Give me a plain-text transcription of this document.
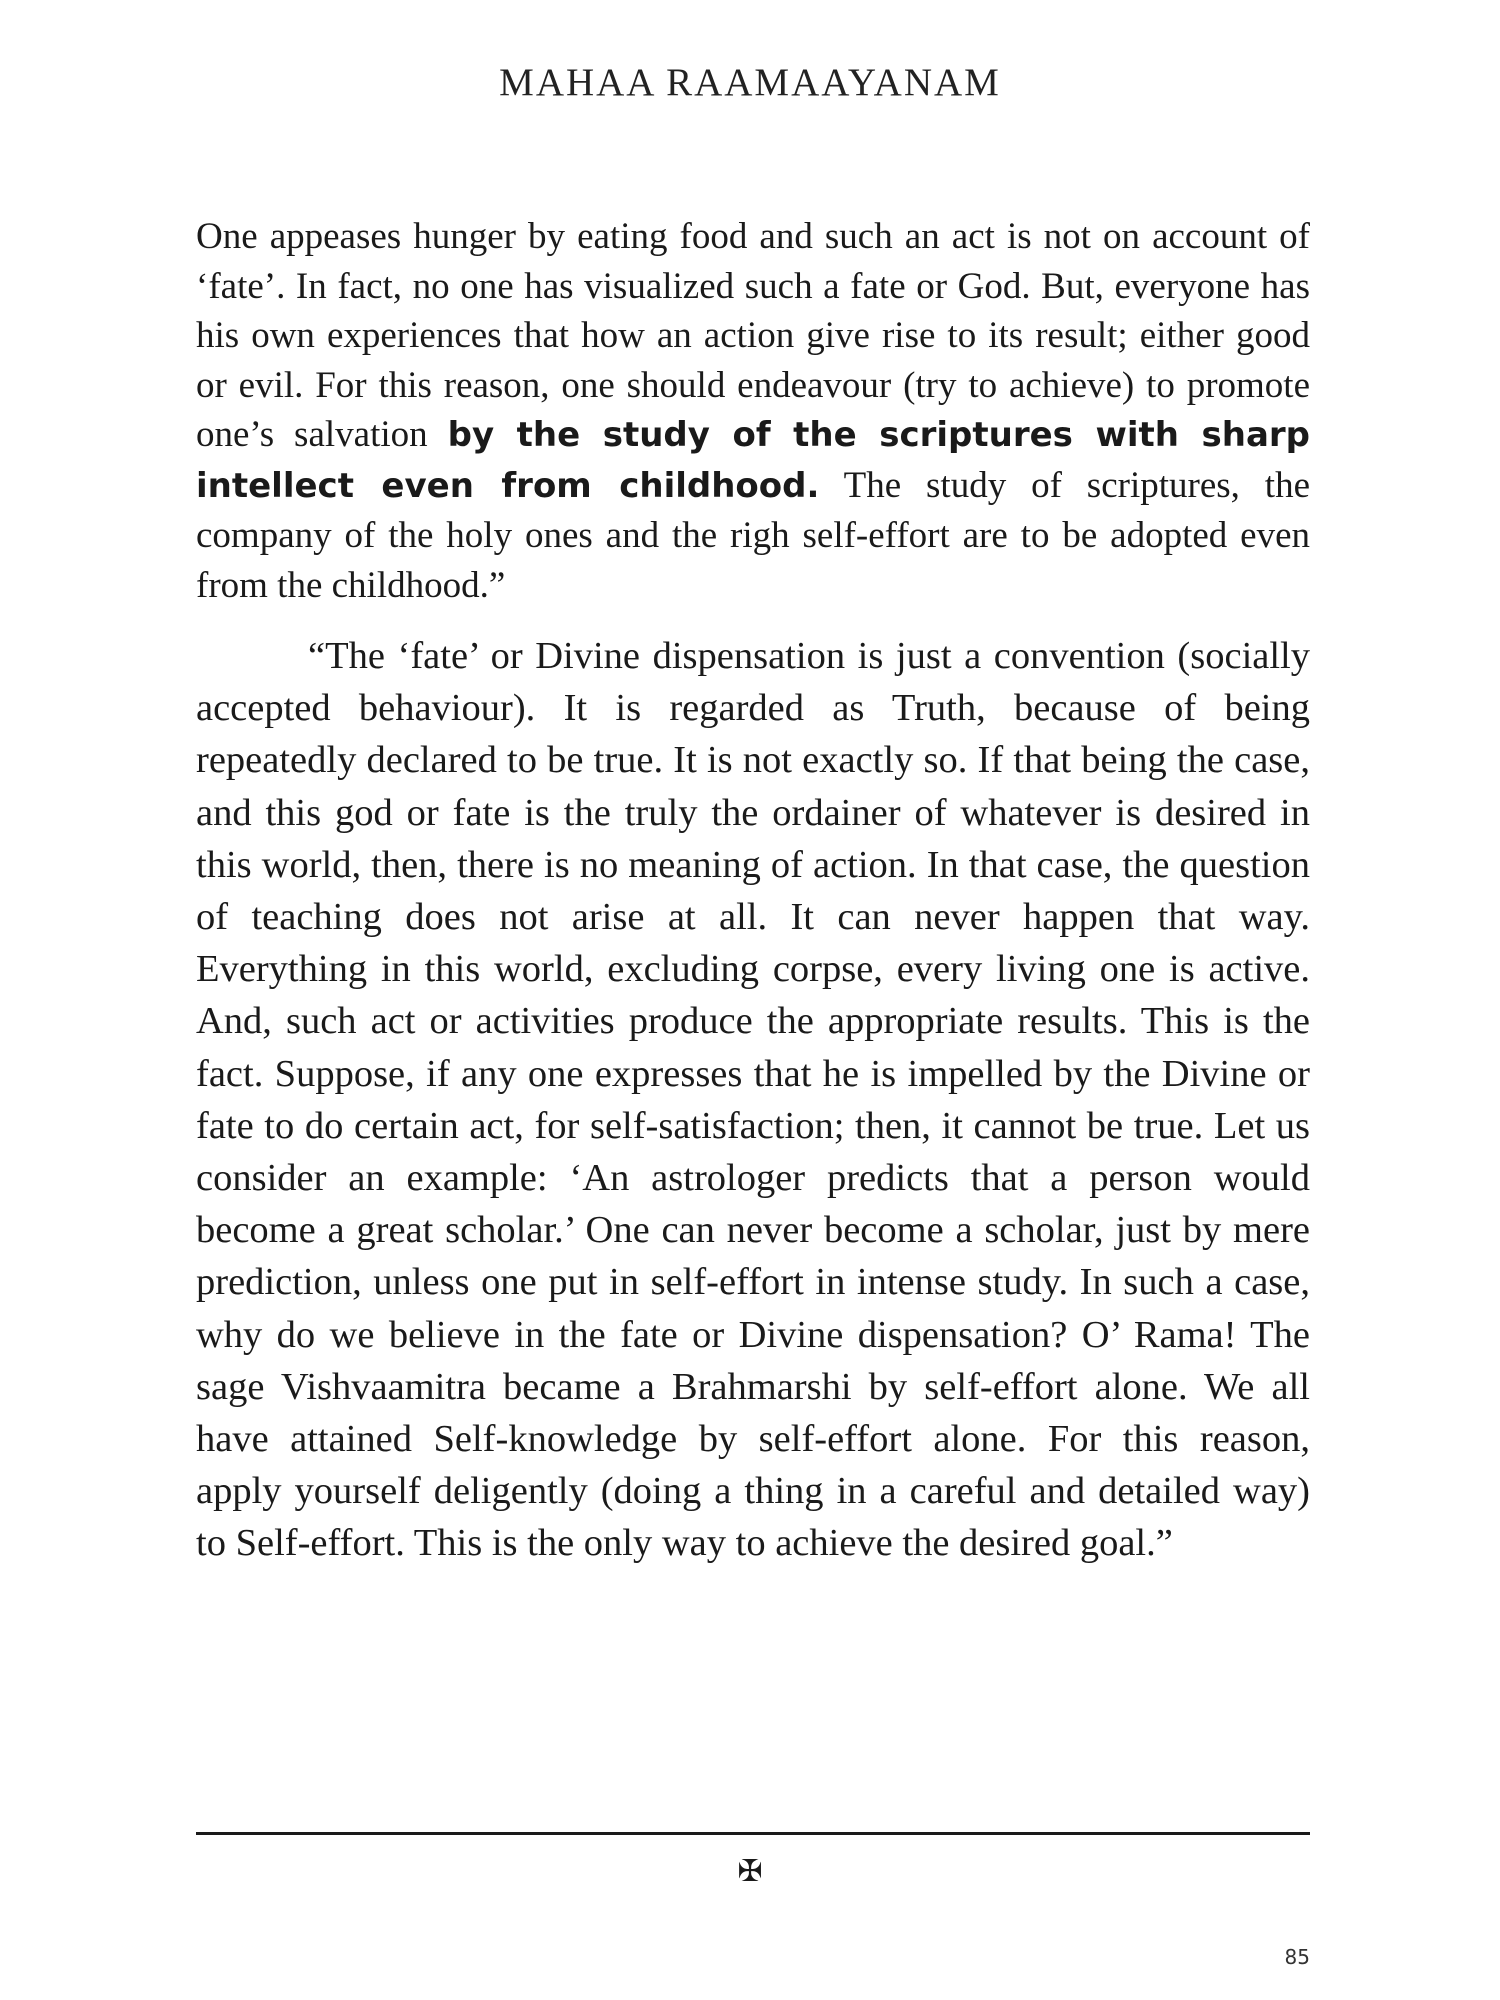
MAHAA RAAMAAYANAM

One appeases hunger by eating food and such an act is not on account of ‘fate’. In fact, no one has visualized such a fate or God. But, everyone has his own experiences that how an action give rise to its result; either good or evil. For this reason, one should endeavour (try to achieve) to promote one’s salvation by the study of the scriptures with sharp intellect even from childhood. The study of scriptures, the company of the holy ones and the righ self-effort are to be adopted even from the childhood.”

“The ‘fate’ or Divine dispensation is just a convention (socially accepted behaviour). It is regarded as Truth, because of being repeatedly declared to be true. It is not exactly so. If that being the case, and this god or fate is the truly the ordainer of whatever is desired in this world, then, there is no meaning of action. In that case, the question of teaching does not arise at all. It can never happen that way. Everything in this world, excluding corpse, every living one is active. And, such act or activities produce the appropriate results. This is the fact. Suppose, if any one expresses that he is impelled by the Divine or fate to do certain act, for self-satisfaction; then, it cannot be true. Let us consider an example: ‘An astrologer predicts that a person would become a great scholar.’ One can never become a scholar, just by mere prediction, unless one put in self-effort in intense study. In such a case, why do we believe in the fate or Divine dispensation? O’ Rama! The sage Vishvaamitra became a Brahmarshi by self-effort alone. We all have attained Self-knowledge by self-effort alone. For this reason, apply yourself deligently (doing a thing in a careful and detailed way) to Self-effort. This is the only way to achieve the desired goal.”

✠
85
